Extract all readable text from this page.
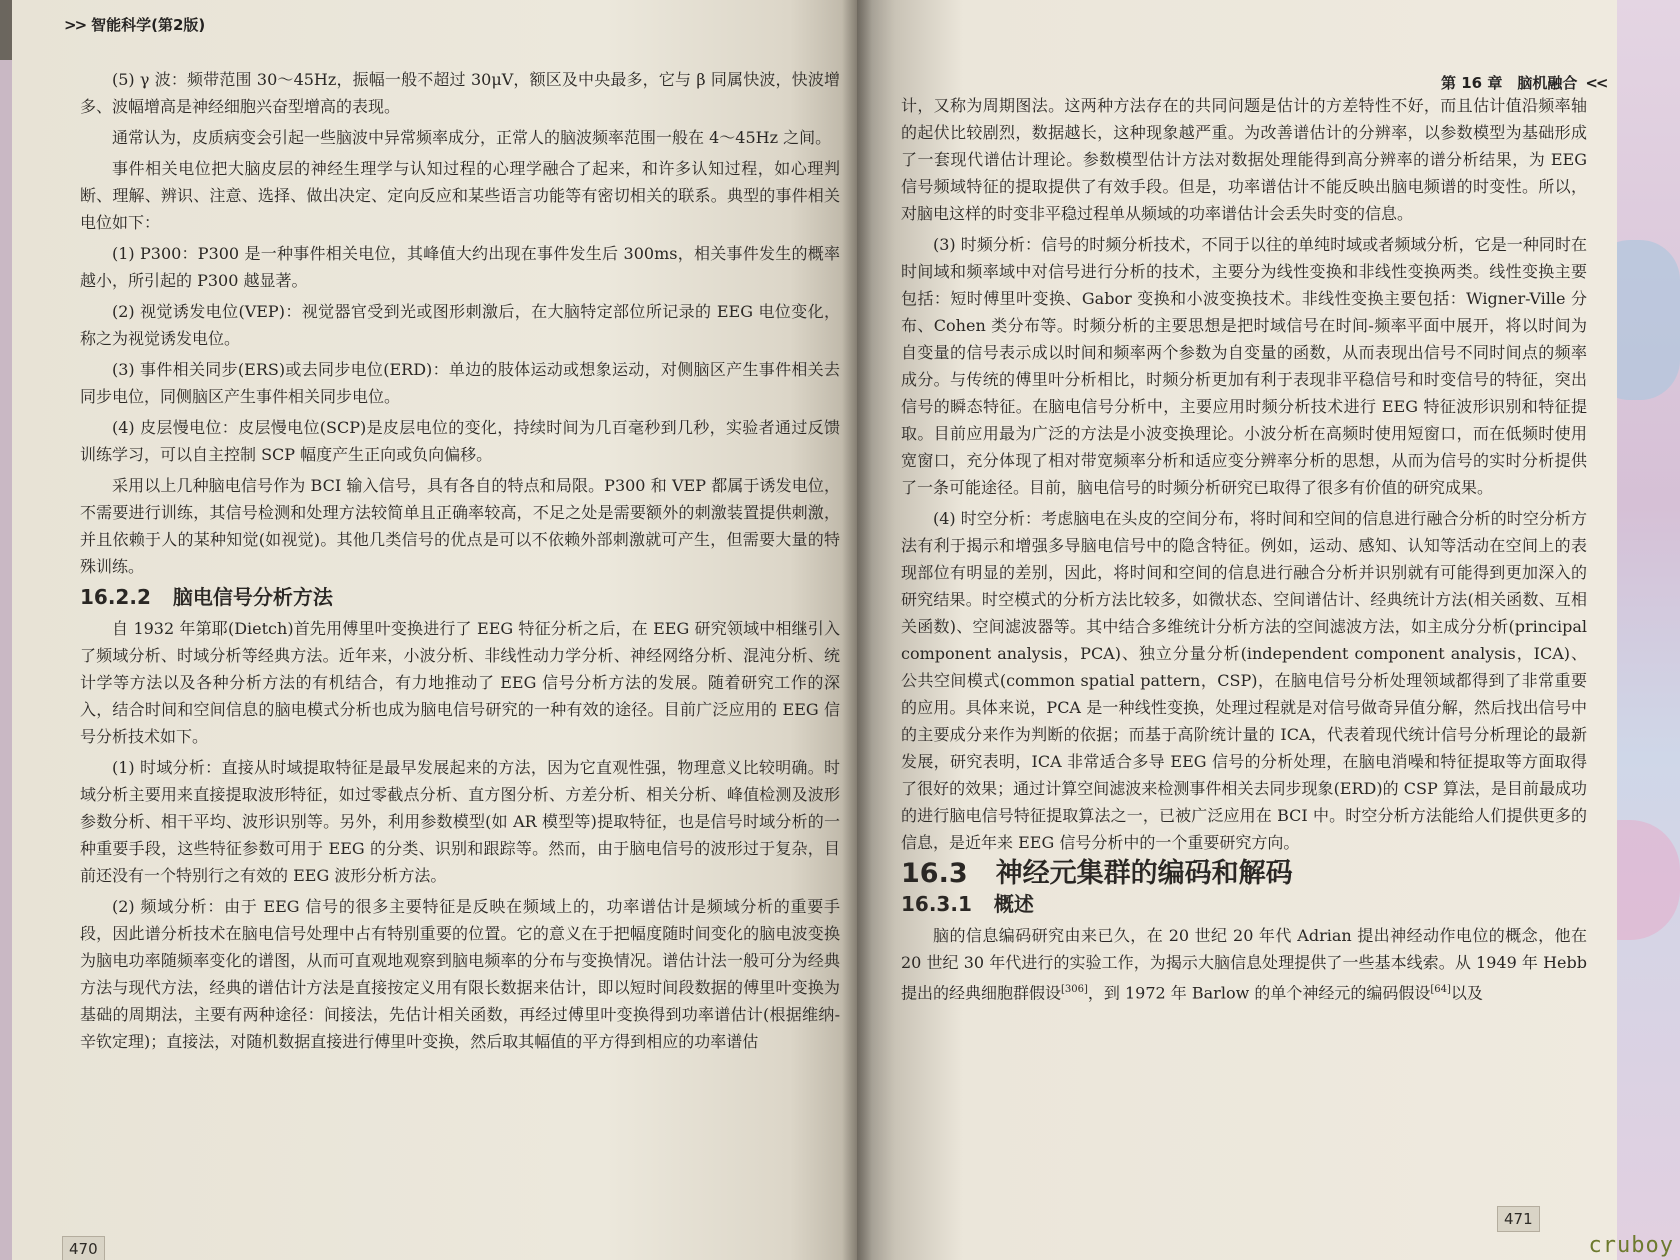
>> 智能科学(第2版)

(5) γ 波：频带范围 30～45Hz，振幅一般不超过 30μV，额区及中央最多，它与 β 同属快波，快波增多、波幅增高是神经细胞兴奋型增高的表现。

通常认为，皮质病变会引起一些脑波中异常频率成分，正常人的脑波频率范围一般在 4～45Hz 之间。

事件相关电位把大脑皮层的神经生理学与认知过程的心理学融合了起来，和许多认知过程，如心理判断、理解、辨识、注意、选择、做出决定、定向反应和某些语言功能等有密切相关的联系。典型的事件相关电位如下：

(1) P300：P300 是一种事件相关电位，其峰值大约出现在事件发生后 300ms，相关事件发生的概率越小，所引起的 P300 越显著。

(2) 视觉诱发电位(VEP)：视觉器官受到光或图形刺激后，在大脑特定部位所记录的 EEG 电位变化，称之为视觉诱发电位。

(3) 事件相关同步(ERS)或去同步电位(ERD)：单边的肢体运动或想象运动，对侧脑区产生事件相关去同步电位，同侧脑区产生事件相关同步电位。

(4) 皮层慢电位：皮层慢电位(SCP)是皮层电位的变化，持续时间为几百毫秒到几秒，实验者通过反馈训练学习，可以自主控制 SCP 幅度产生正向或负向偏移。

采用以上几种脑电信号作为 BCI 输入信号，具有各自的特点和局限。P300 和 VEP 都属于诱发电位，不需要进行训练，其信号检测和处理方法较简单且正确率较高，不足之处是需要额外的刺激装置提供刺激，并且依赖于人的某种知觉(如视觉)。其他几类信号的优点是可以不依赖外部刺激就可产生，但需要大量的特殊训练。

16.2.2 脑电信号分析方法

自 1932 年第耶(Dietch)首先用傅里叶变换进行了 EEG 特征分析之后，在 EEG 研究领域中相继引入了频域分析、时域分析等经典方法。近年来，小波分析、非线性动力学分析、神经网络分析、混沌分析、统计学等方法以及各种分析方法的有机结合，有力地推动了 EEG 信号分析方法的发展。随着研究工作的深入，结合时间和空间信息的脑电模式分析也成为脑电信号研究的一种有效的途径。目前广泛应用的 EEG 信号分析技术如下。

(1) 时域分析：直接从时域提取特征是最早发展起来的方法，因为它直观性强，物理意义比较明确。时域分析主要用来直接提取波形特征，如过零截点分析、直方图分析、方差分析、相关分析、峰值检测及波形参数分析、相干平均、波形识别等。另外，利用参数模型(如 AR 模型等)提取特征，也是信号时域分析的一种重要手段，这些特征参数可用于 EEG 的分类、识别和跟踪等。然而，由于脑电信号的波形过于复杂，目前还没有一个特别行之有效的 EEG 波形分析方法。

(2) 频域分析：由于 EEG 信号的很多主要特征是反映在频域上的，功率谱估计是频域分析的重要手段，因此谱分析技术在脑电信号处理中占有特别重要的位置。它的意义在于把幅度随时间变化的脑电波变换为脑电功率随频率变化的谱图，从而可直观地观察到脑电频率的分布与变换情况。谱估计法一般可分为经典方法与现代方法，经典的谱估计方法是直接按定义用有限长数据来估计，即以短时间段数据的傅里叶变换为基础的周期法，主要有两种途径：间接法，先估计相关函数，再经过傅里叶变换得到功率谱估计(根据维纳-辛钦定理)；直接法，对随机数据直接进行傅里叶变换，然后取其幅值的平方得到相应的功率谱估

470
第 16 章　脑机融合 <<

计，又称为周期图法。这两种方法存在的共同问题是估计的方差特性不好，而且估计值沿频率轴的起伏比较剧烈，数据越长，这种现象越严重。为改善谱估计的分辨率，以参数模型为基础形成了一套现代谱估计理论。参数模型估计方法对数据处理能得到高分辨率的谱分析结果，为 EEG 信号频域特征的提取提供了有效手段。但是，功率谱估计不能反映出脑电频谱的时变性。所以，对脑电这样的时变非平稳过程单从频域的功率谱估计会丢失时变的信息。

(3) 时频分析：信号的时频分析技术，不同于以往的单纯时域或者频域分析，它是一种同时在时间域和频率域中对信号进行分析的技术，主要分为线性变换和非线性变换两类。线性变换主要包括：短时傅里叶变换、Gabor 变换和小波变换技术。非线性变换主要包括：Wigner-Ville 分布、Cohen 类分布等。时频分析的主要思想是把时域信号在时间-频率平面中展开，将以时间为自变量的信号表示成以时间和频率两个参数为自变量的函数，从而表现出信号不同时间点的频率成分。与传统的傅里叶分析相比，时频分析更加有利于表现非平稳信号和时变信号的特征，突出信号的瞬态特征。在脑电信号分析中，主要应用时频分析技术进行 EEG 特征波形识别和特征提取。目前应用最为广泛的方法是小波变换理论。小波分析在高频时使用短窗口，而在低频时使用宽窗口，充分体现了相对带宽频率分析和适应变分辨率分析的思想，从而为信号的实时分析提供了一条可能途径。目前，脑电信号的时频分析研究已取得了很多有价值的研究成果。

(4) 时空分析：考虑脑电在头皮的空间分布，将时间和空间的信息进行融合分析的时空分析方法有利于揭示和增强多导脑电信号中的隐含特征。例如，运动、感知、认知等活动在空间上的表现部位有明显的差别，因此，将时间和空间的信息进行融合分析并识别就有可能得到更加深入的研究结果。时空模式的分析方法比较多，如微状态、空间谱估计、经典统计方法(相关函数、互相关函数)、空间滤波器等。其中结合多维统计分析方法的空间滤波方法，如主成分分析(principal component analysis，PCA)、独立分量分析(independent component analysis，ICA)、公共空间模式(common spatial pattern，CSP)，在脑电信号分析处理领域都得到了非常重要的应用。具体来说，PCA 是一种线性变换，处理过程就是对信号做奇异值分解，然后找出信号中的主要成分来作为判断的依据；而基于高阶统计量的 ICA，代表着现代统计信号分析理论的最新发展，研究表明，ICA 非常适合多导 EEG 信号的分析处理，在脑电消噪和特征提取等方面取得了很好的效果；通过计算空间滤波来检测事件相关去同步现象(ERD)的 CSP 算法，是目前最成功的进行脑电信号特征提取算法之一，已被广泛应用在 BCI 中。时空分析方法能给人们提供更多的信息，是近年来 EEG 信号分析中的一个重要研究方向。

16.3 神经元集群的编码和解码

16.3.1 概述

脑的信息编码研究由来已久，在 20 世纪 20 年代 Adrian 提出神经动作电位的概念，他在 20 世纪 30 年代进行的实验工作，为揭示大脑信息处理提供了一些基本线索。从 1949 年 Hebb 提出的经典细胞群假设[306]，到 1972 年 Barlow 的单个神经元的编码假设[64]以及

471
cruboy
